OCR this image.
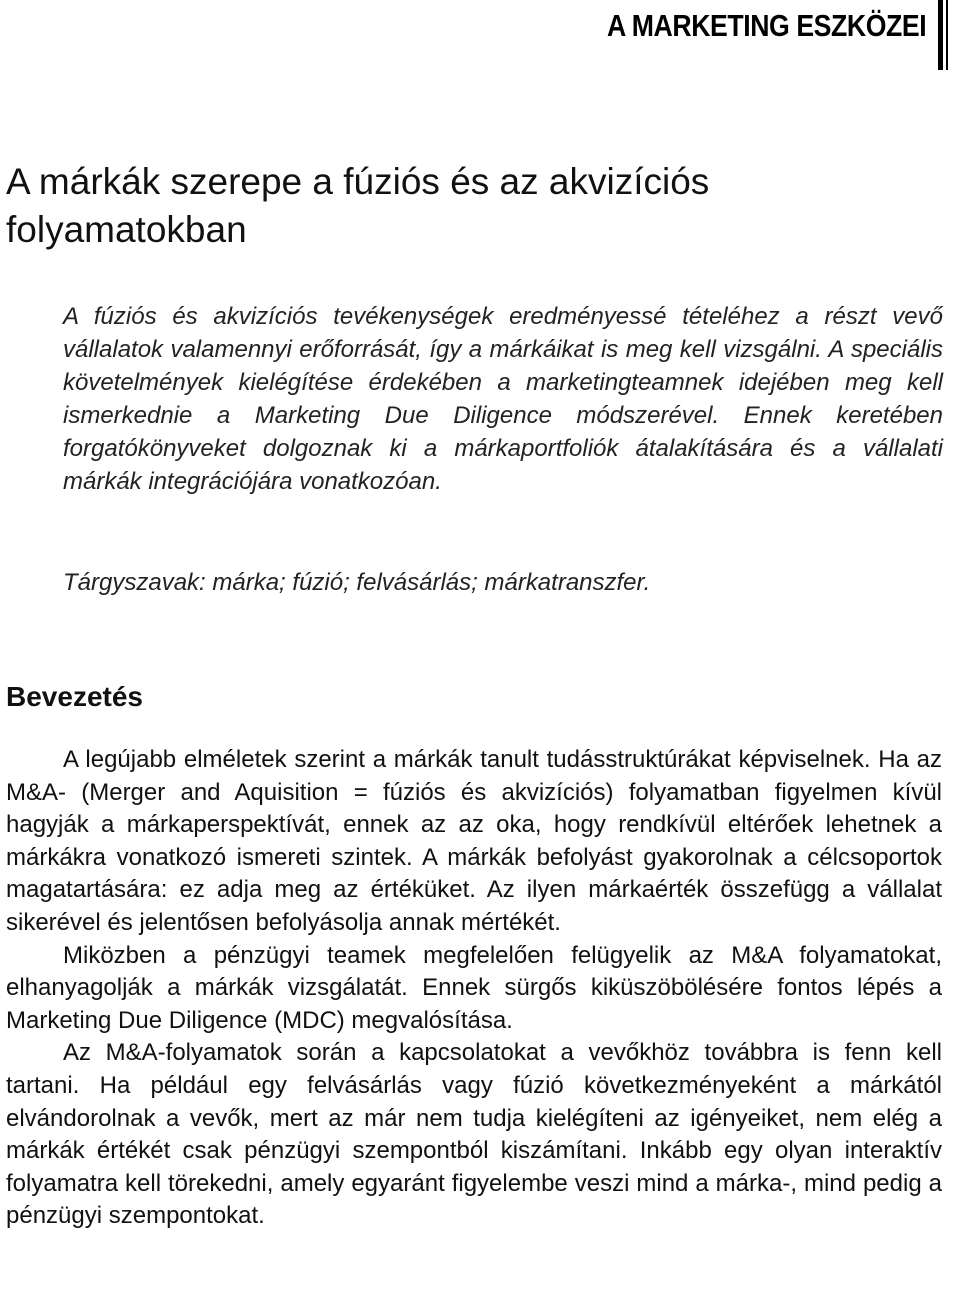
A MARKETING ESZKÖZEI
A márkák szerepe a fúziós és az akvizíciós folyamatokban
A fúziós és akvizíciós tevékenységek eredményessé tételéhez a részt vevő vállalatok valamennyi erőforrását, így a márkáikat is meg kell vizsgálni. A speciális követelmények kielégítése érdekében a marketingteamnek idejében meg kell ismerkednie a Marketing Due Diligence módszerével. Ennek keretében forgatókönyveket dolgoznak ki a márkaportfoliók átalakítására és a vállalati márkák integrációjára vonatkozóan.
Tárgyszavak: márka; fúzió; felvásárlás; márkatranszfer.
Bevezetés

A legújabb elméletek szerint a márkák tanult tudásstruktúrákat képviselnek. Ha az M&A- (Merger and Aquisition = fúziós és akvizíciós) folyamatban figyelmen kívül hagyják a márkaperspektívát, ennek az az oka, hogy rendkívül eltérőek lehetnek a márkákra vonatkozó ismereti szintek. A márkák befolyást gyakorolnak a célcsoportok magatartására: ez adja meg az értéküket. Az ilyen márkaérték összefügg a vállalat sikerével és jelentősen befolyásolja annak mértékét.

Miközben a pénzügyi teamek megfelelően felügyelik az M&A folyamatokat, elhanyagolják a márkák vizsgálatát. Ennek sürgős kiküszöbölésére fontos lépés a Marketing Due Diligence (MDC) megvalósítása.

Az M&A-folyamatok során a kapcsolatokat a vevőkhöz továbbra is fenn kell tartani. Ha például egy felvásárlás vagy fúzió következményeként a márkától elvándorolnak a vevők, mert az már nem tudja kielégíteni az igényeiket, nem elég a márkák értékét csak pénzügyi szempontból kiszámítani. Inkább egy olyan interaktív folyamatra kell törekedni, amely egyaránt figyelembe veszi mind a márka-, mind pedig a pénzügyi szempontokat.
